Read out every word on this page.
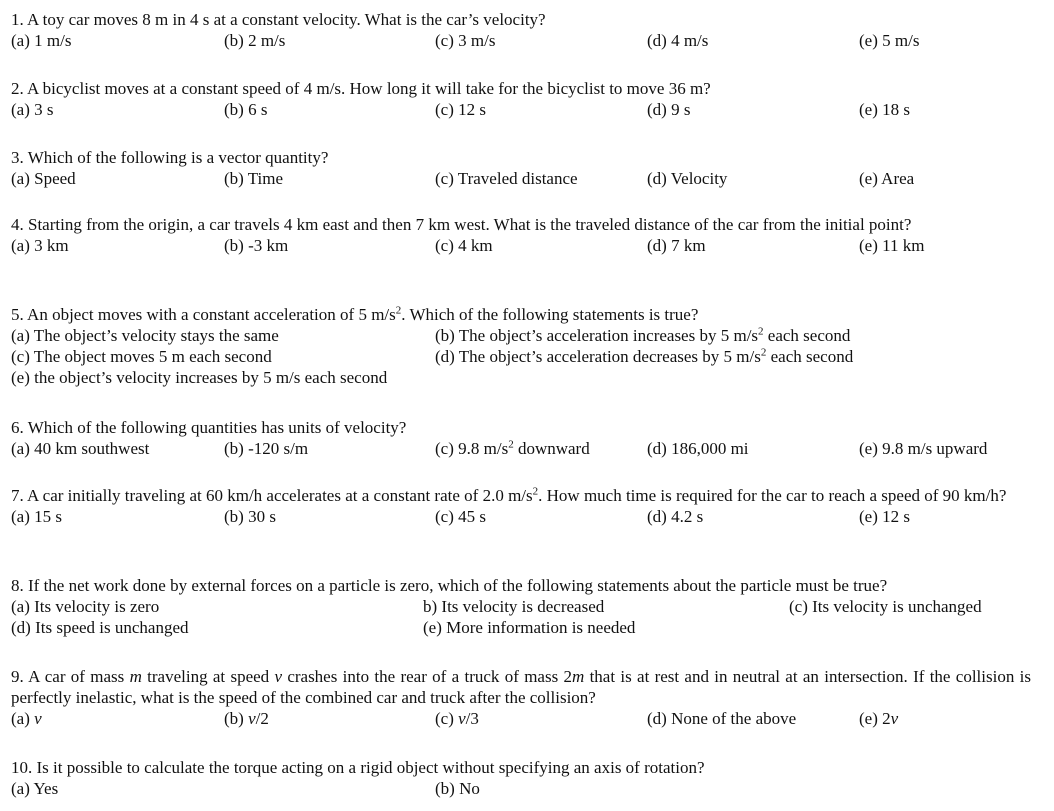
1. A toy car moves 8 m in 4 s at a constant velocity. What is the car’s velocity?
(a) 1 m/s	(b) 2 m/s	(c) 3 m/s	(d) 4 m/s	(e) 5 m/s
2. A bicyclist moves at a constant speed of 4 m/s. How long it will take for the bicyclist to move 36 m?
(a) 3 s	(b) 6 s	(c) 12 s	(d) 9 s	(e) 18 s
3. Which of the following is a vector quantity?
(a) Speed	(b) Time	(c) Traveled distance	(d) Velocity	(e) Area
4. Starting from the origin, a car travels 4 km east and then 7 km west. What is the traveled distance of the car from the initial point?
(a) 3 km	(b) -3 km	(c) 4 km	(d) 7 km	(e) 11 km
5. An object moves with a constant acceleration of 5 $m/s^2$. Which of the following statements is true?
(a) The object’s velocity stays the same	(b) The object’s acceleration increases by 5 $m/s^2$ each second
(c) The object moves 5 m each second	(d) The object’s acceleration decreases by 5 $m/s^2$ each second
(e) the object’s velocity increases by 5 m/s each second
6. Which of the following quantities has units of velocity?
(a) 40 km southwest	(b) -120 s/m	(c) 9.8 $m/s^2$ downward	(d) 186,000 mi	(e) 9.8 m/s upward
7. A car initially traveling at 60 km/h accelerates at a constant rate of 2.0 $m/s^2$. How much time is required for the car to reach a speed of 90 km/h?
(a) 15 s	(b) 30 s	(c) 45 s	(d) 4.2 s	(e) 12 s
8. If the net work done by external forces on a particle is zero, which of the following statements about the particle must be true?
(a) Its velocity is zero	b) Its velocity is decreased	(c) Its velocity is unchanged
(d) Its speed is unchanged	(e) More information is needed
9. A car of mass m traveling at speed v crashes into the rear of a truck of mass 2m that is at rest and in neutral at an intersection. If the collision is perfectly inelastic, what is the speed of the combined car and truck after the collision?
(a) v	(b) v/2	(c) v/3	(d) None of the above	(e) 2v
10. Is it possible to calculate the torque acting on a rigid object without specifying an axis of rotation?
(a) Yes	(b) No
